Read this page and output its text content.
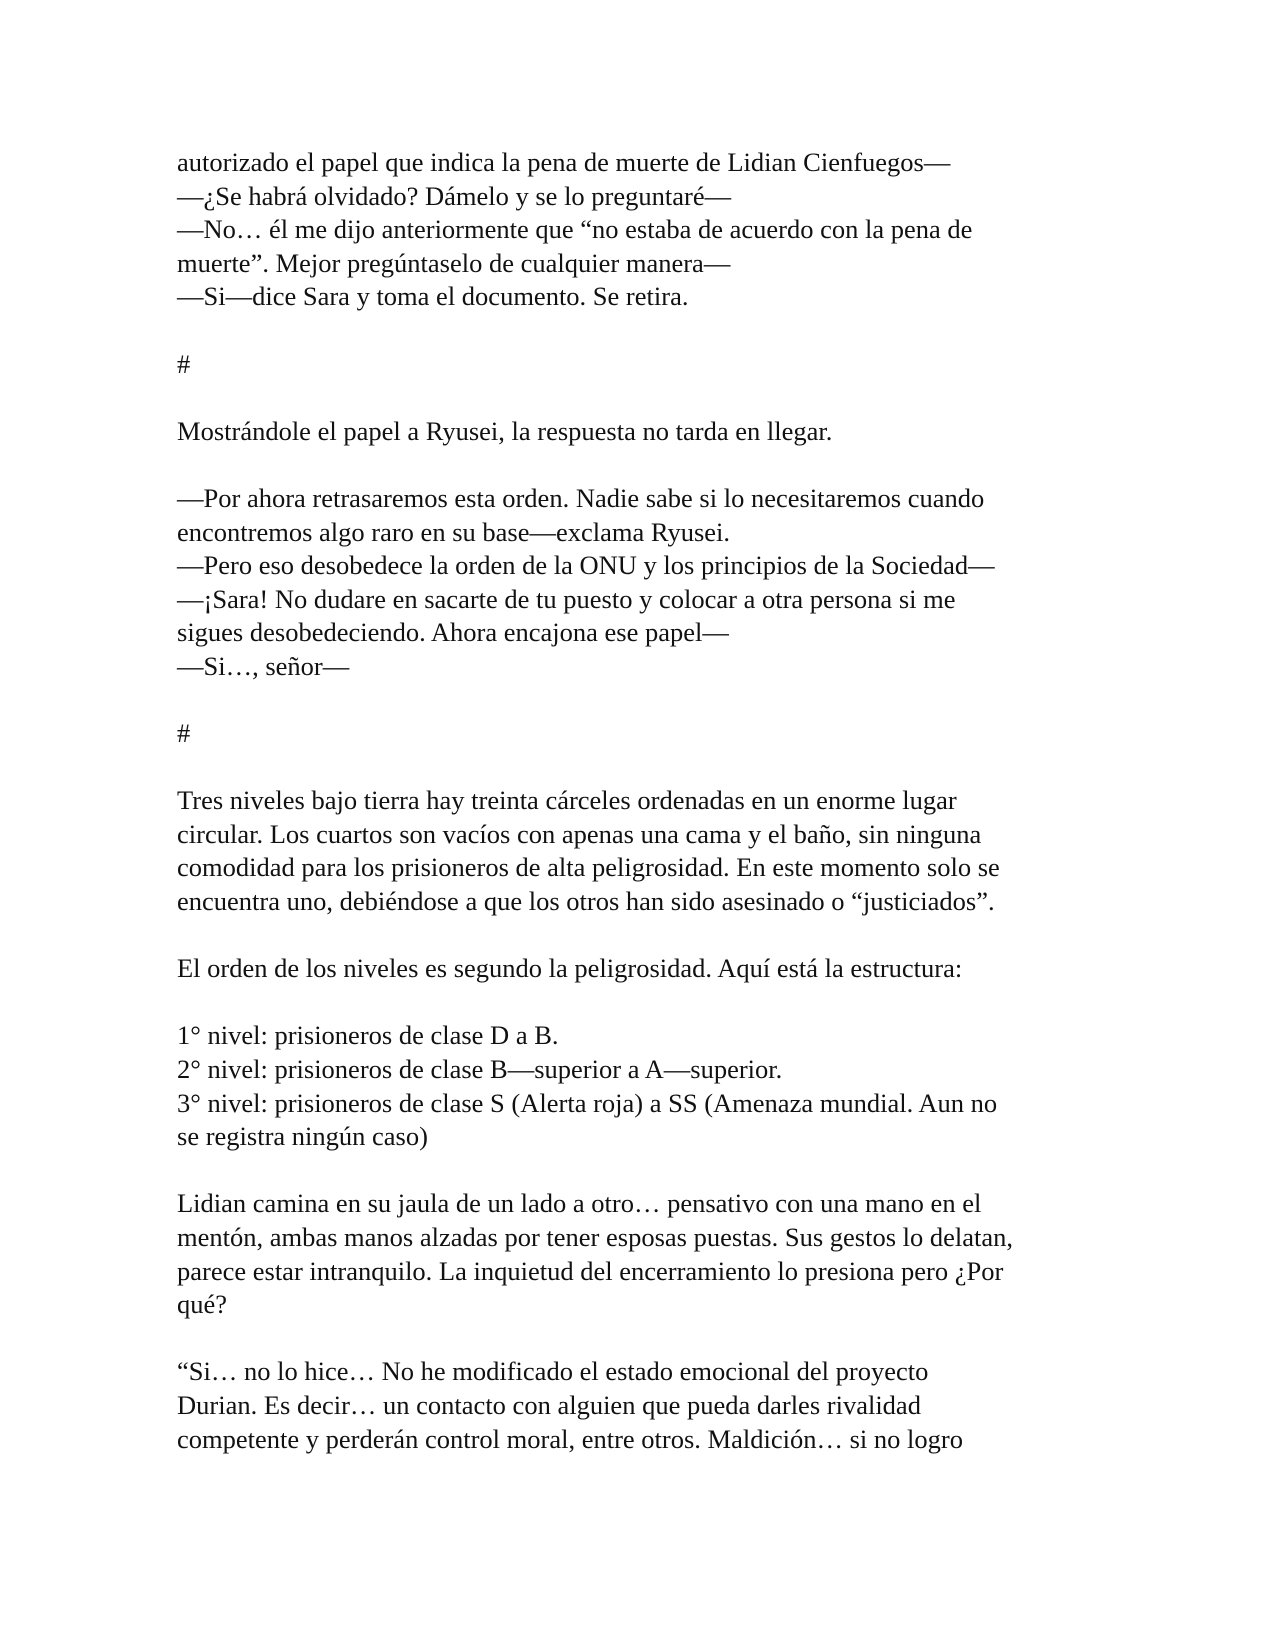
autorizado el papel que indica la pena de muerte de Lidian Cienfuegos—
—¿Se habrá olvidado? Dámelo y se lo preguntaré—
—No… él me dijo anteriormente que “no estaba de acuerdo con la pena de
muerte”. Mejor pregúntaselo de cualquier manera—
—Si—dice Sara y toma el documento. Se retira.
#
Mostrándole el papel a Ryusei, la respuesta no tarda en llegar.
—Por ahora retrasaremos esta orden. Nadie sabe si lo necesitaremos cuando
encontremos algo raro en su base—exclama Ryusei.
—Pero eso desobedece la orden de la ONU y los principios de la Sociedad—
—¡Sara! No dudare en sacarte de tu puesto y colocar a otra persona si me
sigues desobedeciendo. Ahora encajona ese papel—
—Si…, señor—
#
Tres niveles bajo tierra hay treinta cárceles ordenadas en un enorme lugar
circular. Los cuartos son vacíos con apenas una cama y el baño, sin ninguna
comodidad para los prisioneros de alta peligrosidad. En este momento solo se
encuentra uno, debiéndose a que los otros han sido asesinado o “justiciados”.
El orden de los niveles es segundo la peligrosidad. Aquí está la estructura:
1° nivel: prisioneros de clase D a B.
2° nivel: prisioneros de clase B—superior a A—superior.
3° nivel: prisioneros de clase S (Alerta roja) a SS (Amenaza mundial. Aun no
se registra ningún caso)
Lidian camina en su jaula de un lado a otro… pensativo con una mano en el
mentón, ambas manos alzadas por tener esposas puestas. Sus gestos lo delatan,
parece estar intranquilo. La inquietud del encerramiento lo presiona pero ¿Por
qué?
“Si… no lo hice… No he modificado el estado emocional del proyecto
Durian. Es decir… un contacto con alguien que pueda darles rivalidad
competente y perderán control moral, entre otros. Maldición… si no logro
